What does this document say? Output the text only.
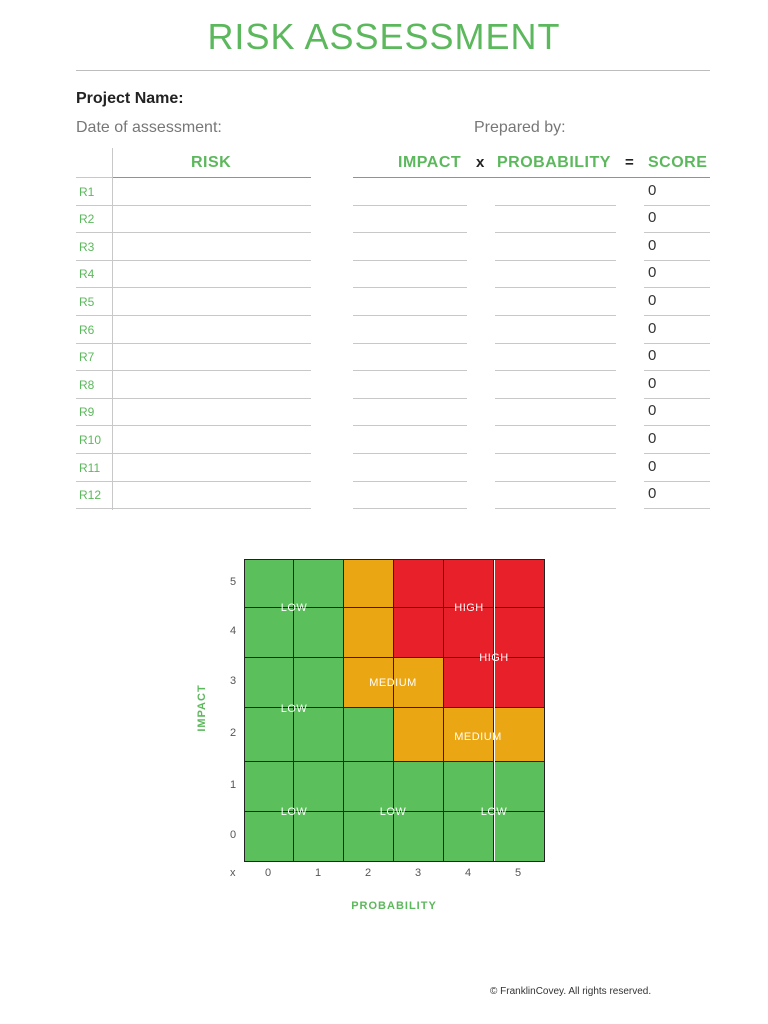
RISK ASSESSMENT
Project Name:
Date of assessment:	Prepared by:
RISK	IMPACT x PROBABILITY = SCORE
R1	0
R2	0
R3	0
R4	0
R5	0
R6	0
R7	0
R8	0
R9	0
R10	0
R11	0
R12	0
5
4
3
2
1
0
x	0	1	2	3	4	5
LOW	HIGH
HIGH
MEDIUM
LOW
MEDIUM
LOW	LOW	LOW
IMPACT
PROBABILITY
© FranklinCovey. All rights reserved.
